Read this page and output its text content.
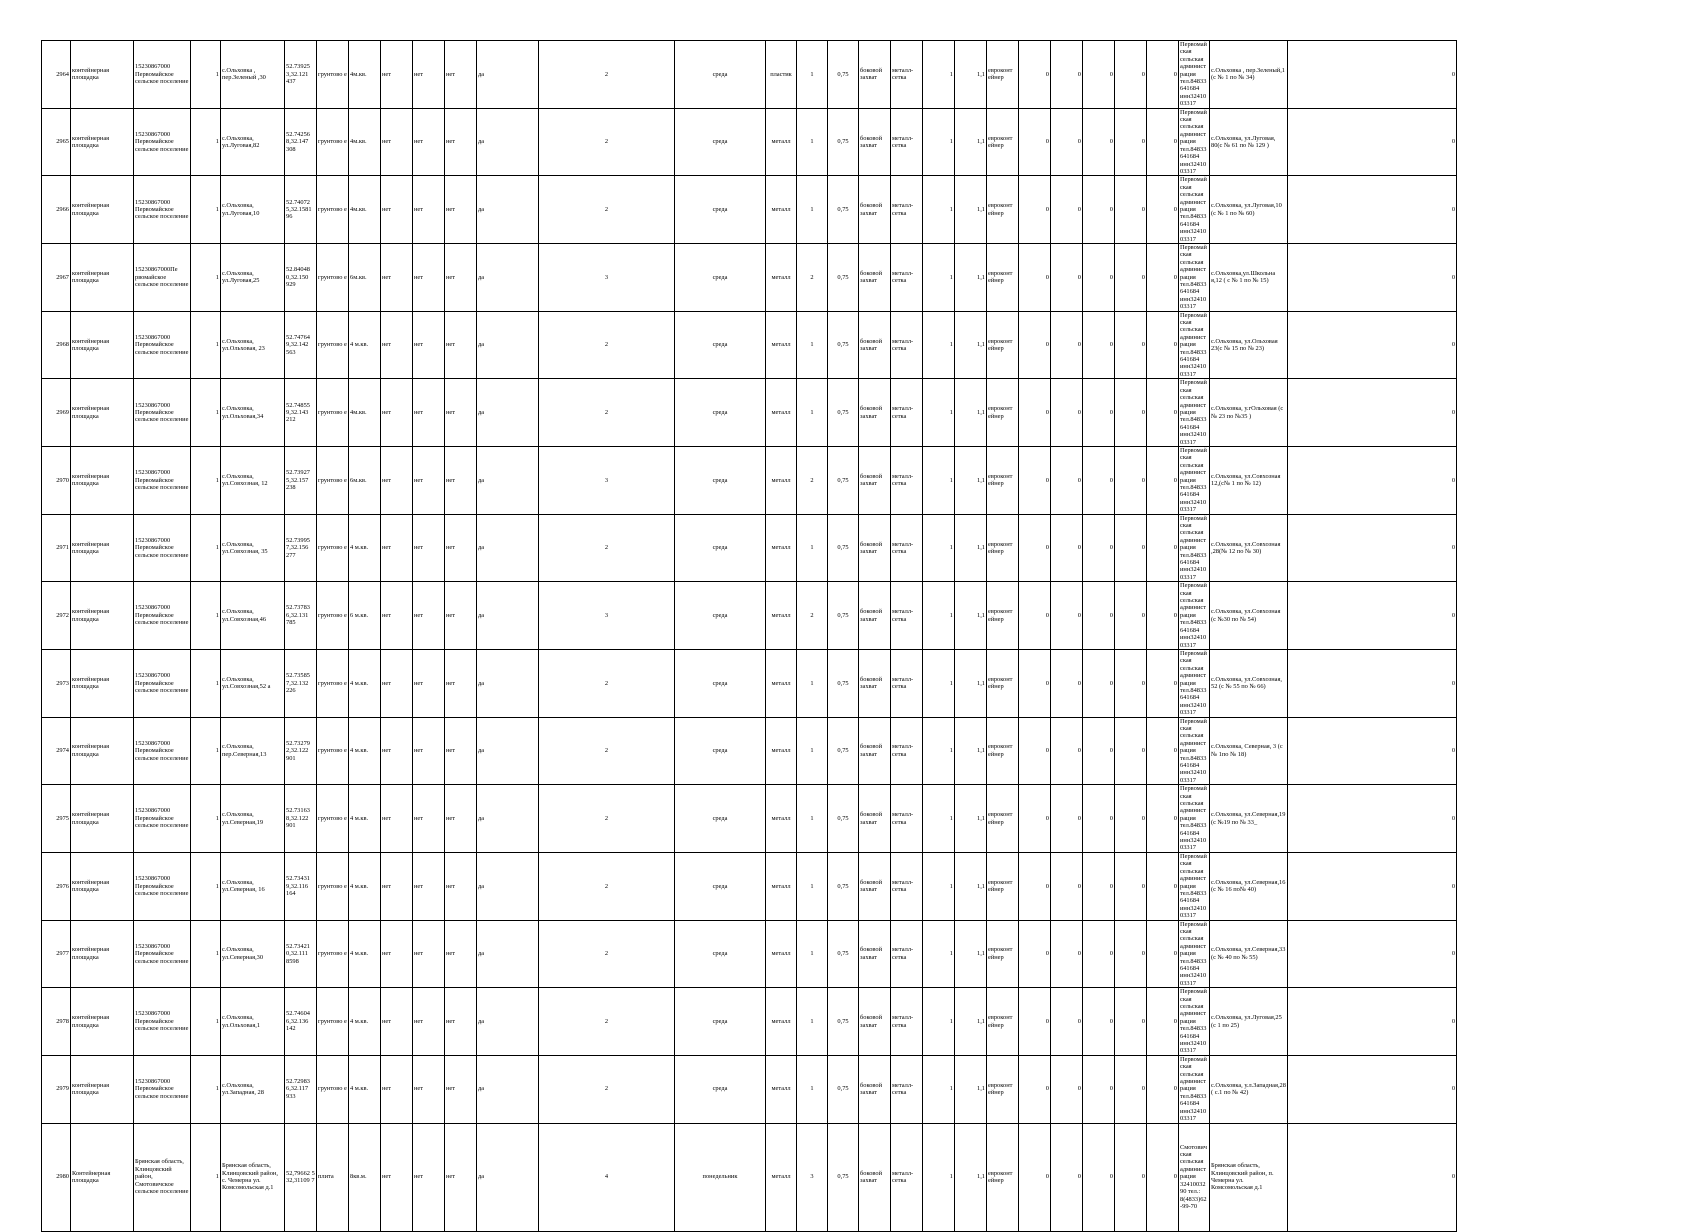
2964	контейнерная площадка	15230867000 Первомайское сельское поселение	1	с.Ольховка , пер.Зеленый ,30	52.73925 3,32.121 437	грунтово е	4м.кв.	нет	нет	нет	да	2	среда	пластик	1	0,75	боковой захват	металл-сетка	1	1,1	евроконт ейнер	0	0	0	0	0	Первомайская сельская администрация тел.84833641684 инн3241003317	с.Ольховка , пер.Зеленый,1 (с № 1 по № 34)	0
2965	контейнерная площадка	15230867000 Первомайское сельское поселение	1	с.Ольховка, ул.Луговая,82	52.74256 8,32.147 308	грунтово е	4м.кв.	нет	нет	нет	да	2	среда	металл	1	0,75	боковой захват	металл-сетка	1	1,1	евроконт ейнер	0	0	0	0	0	Первомайская сельская администрация тел.84833641684 инн3241003317	с.Ольховка, ул.Луговая, 80(с № 61 по № 129 )	0
2966	контейнерная площадка	15230867000 Первомайское сельское поселение	1	с.Ольховка, ул.Луговая,10	52.74072 5,32.1581 96	грунтово е	4м.кв.	нет	нет	нет	да	2	среда	металл	1	0,75	боковой захват	металл-сетка	1	1,1	евроконт ейнер	0	0	0	0	0	Первомайская сельская администрация тел.84833641684 инн3241003317	с.Ольховка, ул.Луговая,10 (с № 1 по № 60)	0
2967	контейнерная площадка	15230867000Пе рвомайское сельское поселение	1	с.Ольховка, ул.Луговая,25	52.84048 0,32.150 929	грунтово е	6м.кв.	нет	нет	нет	да	3	среда	металл	2	0,75	боковой захват	металл-сетка	1	1,1	евроконт ейнер	0	0	0	0	0	Первомайская сельская администрация тел.84833641684 инн3241003317	с.Ольховка,ул.Школьна я,12 ( с № 1 по № 15)	0
2968	контейнерная площадка	15230867000 Первомайское сельское поселение	1	с.Ольховка, ул.Ольховая, 23	52.74764 9,32.142 563	грунтово е	4 м.кв.	нет	нет	нет	да	2	среда	металл	1	0,75	боковой захват	металл-сетка	1	1,1	евроконт ейнер	0	0	0	0	0	Первомайская сельская администрация тел.84833641684 инн3241003317	с.Ольховка, ул.Ольховая 23(с № 15 по № 23)	0
2969	контейнерная площадка	15230867000 Первомайское сельское поселение	1	с.Ольховка, ул.Ольховая,34	52.74855 9,32.143 212	грунтово е	4м.кв.	нет	нет	нет	да	2	среда	металл	1	0,75	боковой захват	металл-сетка	1	1,1	евроконт ейнер	0	0	0	0	0	Первомайская сельская администрация тел.84833641684 инн3241003317	с.Ольховка, у.гОльховая (с № 23 по №35 )	0
2970	контейнерная площадка	15230867000 Первомайское сельское поселение	1	с.Ольховка, ул.Совхозная, 12	52.73927 5,32.157 238	грунтово е	6м.кв.	нет	нет	нет	да	3	среда	металл	2	0,75	боковой захват	металл-сетка	1	1,1	евроконт ейнер	0	0	0	0	0	Первомайская сельская администрация тел.84833641684 инн3241003317	с.Ольховка, ул.Совхозная 12,(с№ 1 по № 12)	0
2971	контейнерная площадка	15230867000 Первомайское сельское поселение	1	с.Ольховка, ул.Совхозная, 35	52.73995 7,32.156 277	грунтово е	4 м.кв.	нет	нет	нет	да	2	среда	металл	1	0,75	боковой захват	металл-сетка	1	1,1	евроконт ейнер	0	0	0	0	0	Первомайская сельская администрация тел.84833641684 инн3241003317	с.Ольховка, ул.Совхозная ,28(№ 12 по № 30)	0
2972	контейнерная площадка	15230867000 Первомайское сельское поселение	1	с.Ольховка, ул.Совхозная,46	52.73783 6,32.131 785	грунтово е	6 м.кв.	нет	нет	нет	да	3	среда	металл	2	0,75	боковой захват	металл-сетка	1	1,1	евроконт ейнер	0	0	0	0	0	Первомайская сельская администрация тел.84833641684 инн3241003317	с.Ольховка, ул.Совхозная (с №30 по № 54)	0
2973	контейнерная площадка	15230867000 Первомайское сельское поселение	1	с.Ольховка, ул.Совхозная,52 а	52.73585 7,32.132 226	грунтово е	4 м.кв.	нет	нет	нет	да	2	среда	металл	1	0,75	боковой захват	металл-сетка	1	1,1	евроконт ейнер	0	0	0	0	0	Первомайская сельская администрация тел.84833641684 инн3241003317	с.Ольховка, ул.Совхозная, 52 (с № 55 по № 66)	0
2974	контейнерная площадка	15230867000 Первомайское сельское поселение	1	с.Ольховка, пер.Северная,13	52.73279 2,32.122 901	грунтово е	4 м.кв.	нет	нет	нет	да	2	среда	металл	1	0,75	боковой захват	металл-сетка	1	1,1	евроконт ейнер	0	0	0	0	0	Первомайская сельская администрация тел.84833641684 инн3241003317	с.Ольховка, Северная, 3 (с № 1по № 18)	0
2975	контейнерная площадка	15230867000 Первомайское сельское поселение	1	с.Ольховка, ул.Северная,19	52.73163 8,32.122 901	грунтово е	4 м.кв.	нет	нет	нет	да	2	среда	металл	1	0,75	боковой захват	металл-сетка	1	1,1	евроконт ейнер	0	0	0	0	0	Первомайская сельская администрация тел.84833641684 инн3241003317	с.Ольховка, ул.Северная,19 (с №19 по № 33_	0
2976	контейнерная площадка	15230867000 Первомайское сельское поселение	1	с.Ольховка, ул.Северная, 16	52.73431 9,32.116 164	грунтово е	4 м.кв.	нет	нет	нет	да	2	среда	металл	1	0,75	боковой захват	металл-сетка	1	1,1	евроконт ейнер	0	0	0	0	0	Первомайская сельская администрация тел.84833641684 инн3241003317	с.Ольховка, ул.Северная,16 (с № 16 по№ 40)	0
2977	контейнерная площадка	15230867000 Первомайское сельское поселение	1	с.Ольховка, ул.Северная,30	52.73421 0,32.111 8598	грунтово е	4 м.кв.	нет	нет	нет	да	2	среда	металл	1	0,75	боковой захват	металл-сетка	1	1,1	евроконт ейнер	0	0	0	0	0	Первомайская сельская администрация тел.84833641684 инн3241003317	с.Ольховка, ул.Северная,33 (с № 40 по № 55)	0
2978	контейнерная площадка	15230867000 Первомайское сельское поселение	1	с.Ольховка, ул.Ольховая,1	52.74604 6,32.136 142	грунтово е	4 м.кв.	нет	нет	нет	да	2	среда	металл	1	0,75	боковой захват	металл-сетка	1	1,1	евроконт ейнер	0	0	0	0	0	Первомайская сельская администрация тел.84833641684 инн3241003317	с.Ольховка, ул.Луговая,25 (с 1 по 25)	0
2979	контейнерная площадка	15230867000 Первомайское сельское поселение	1	с.Ольховка, ул.Западная, 28	52.72983 6,32.117 933	грунтово е	4 м.кв.	нет	нет	нет	да	2	среда	металл	1	0,75	боковой захват	металл-сетка	1	1,1	евроконт ейнер	0	0	0	0	0	Первомайская сельская администрация тел.84833641684 инн3241003317	с.Ольховка, у.л.Западная,28 ( с.1 по № 42)	0
2980	Контейнерная площадка	Брянская область, Клинцовский район, Смотовичское сельское поселение	1	Брянская область, Клинцовский район, с. Чемерна ул. Комсомольская д.1	52,79662 5 32,31109 7	плита	8кв.м.	нет	нет	нет	да	4	понедельник	металл	3	0,75	боковой захват	металл-сетка	1	1,1	евроконт ейнер	0	0	0	0	0	Смотовичская сельская администрация 3241003290 тел.: 8(4833)62-99-70	Брянская область, Клинцовский район, п. Чемерна ул. Комсомольская д.1	0
